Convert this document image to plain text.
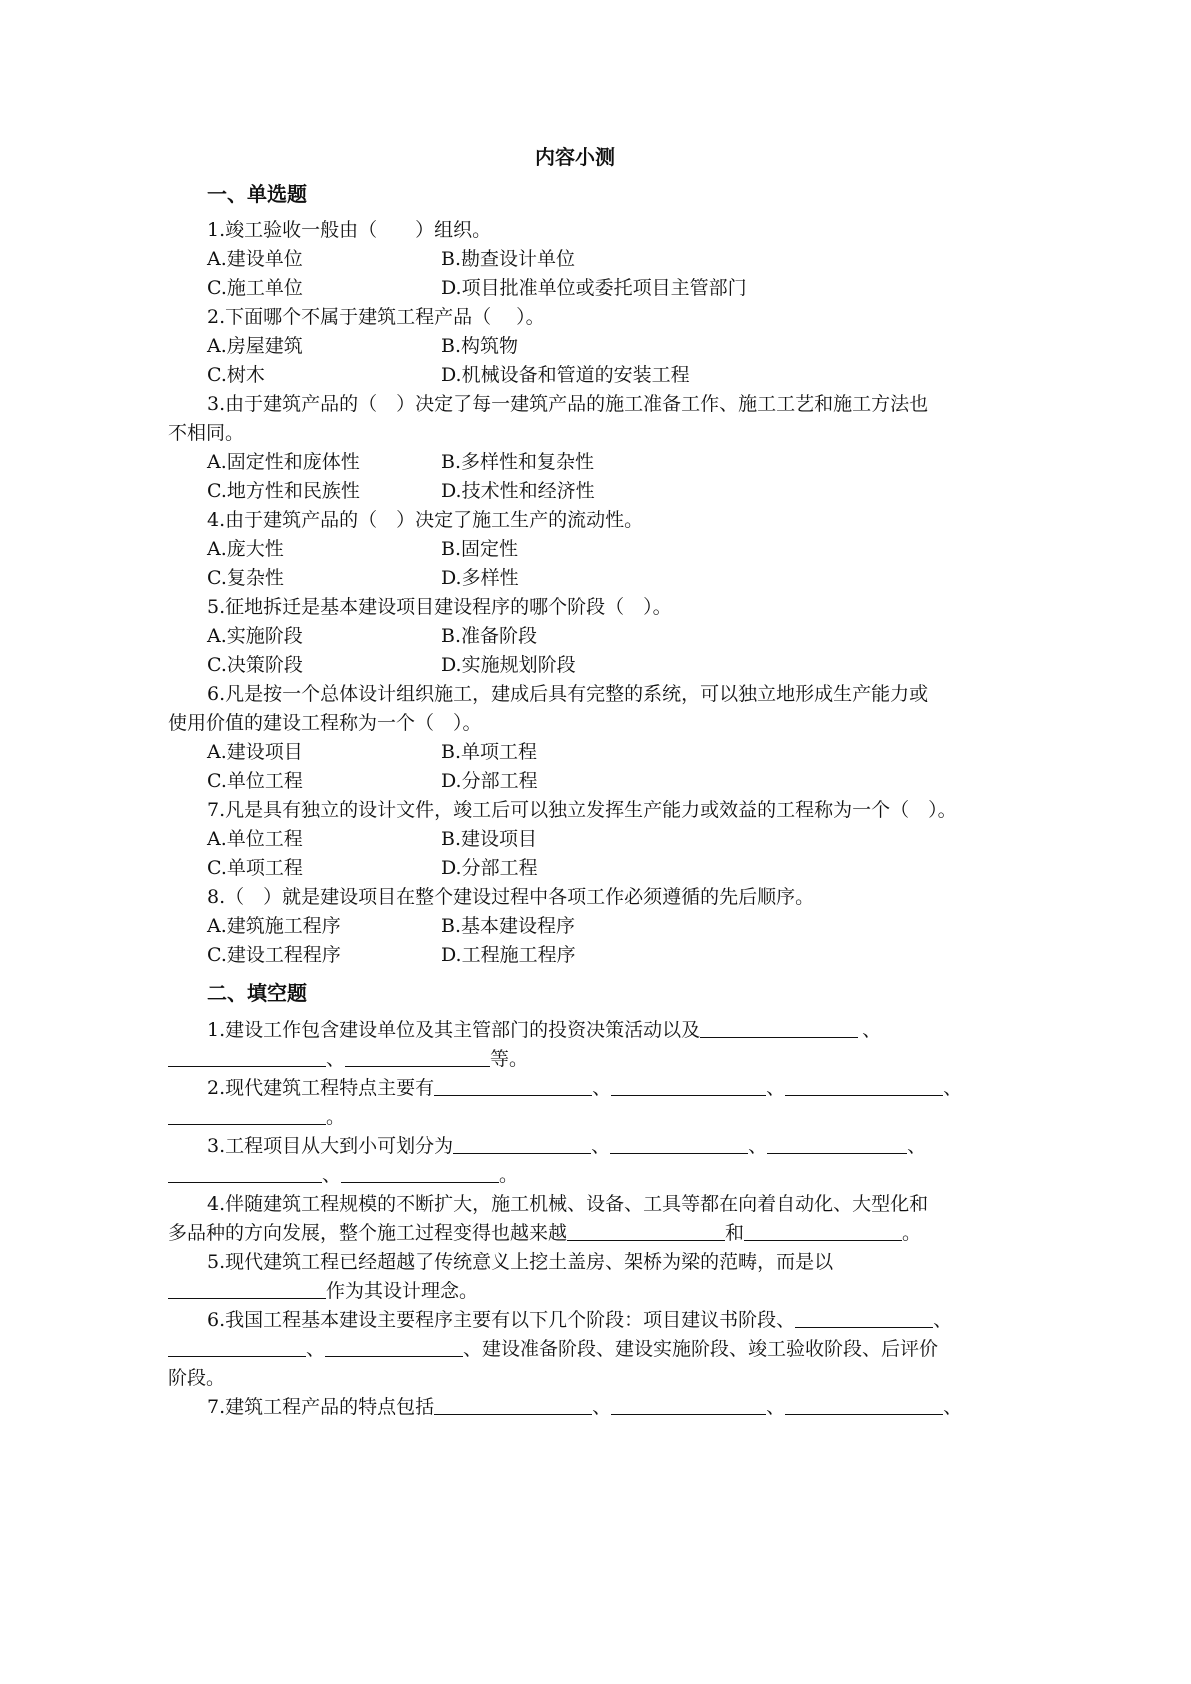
内容小测
一、单选题
1.竣工验收一般由（　　）组织。
A.建设单位	B.勘查设计单位
C.施工单位	D.项目批准单位或委托项目主管部门
2.下面哪个不属于建筑工程产品（　 ）。
A.房屋建筑	B.构筑物
C.树木	D.机械设备和管道的安装工程
3.由于建筑产品的（　）决定了每一建筑产品的施工准备工作、施工工艺和施工方法也
不相同。
A.固定性和庞体性	B.多样性和复杂性
C.地方性和民族性	D.技术性和经济性
4.由于建筑产品的（　）决定了施工生产的流动性。
A.庞大性	B.固定性
C.复杂性	D.多样性
5.征地拆迁是基本建设项目建设程序的哪个阶段（　）。
A.实施阶段	B.准备阶段
C.决策阶段	D.实施规划阶段
6.凡是按一个总体设计组织施工，建成后具有完整的系统，可以独立地形成生产能力或
使用价值的建设工程称为一个（　）。
A.建设项目	B.单项工程
C.单位工程	D.分部工程
7.凡是具有独立的设计文件，竣工后可以独立发挥生产能力或效益的工程称为一个（　）。
A.单位工程	B.建设项目
C.单项工程	D.分部工程
8.（　）就是建设项目在整个建设过程中各项工作必须遵循的先后顺序。
A.建筑施工程序	B.基本建设程序
C.建设工程程序	D.工程施工程序
二、填空题
1.建设工作包含建设单位及其主管部门的投资决策活动以及	、
、	等。
2.现代建筑工程特点主要有	、	、	、
。
3.工程项目从大到小可划分为	、	、	、
、	。
4.伴随建筑工程规模的不断扩大，施工机械、设备、工具等都在向着自动化、大型化和
多品种的方向发展，整个施工过程变得也越来越	和	。
5.现代建筑工程已经超越了传统意义上挖土盖房、架桥为梁的范畴，而是以
作为其设计理念。
6.我国工程基本建设主要程序主要有以下几个阶段：项目建议书阶段、	、
、	、建设准备阶段、建设实施阶段、竣工验收阶段、后评价
阶段。
7.建筑工程产品的特点包括	、	、	、
